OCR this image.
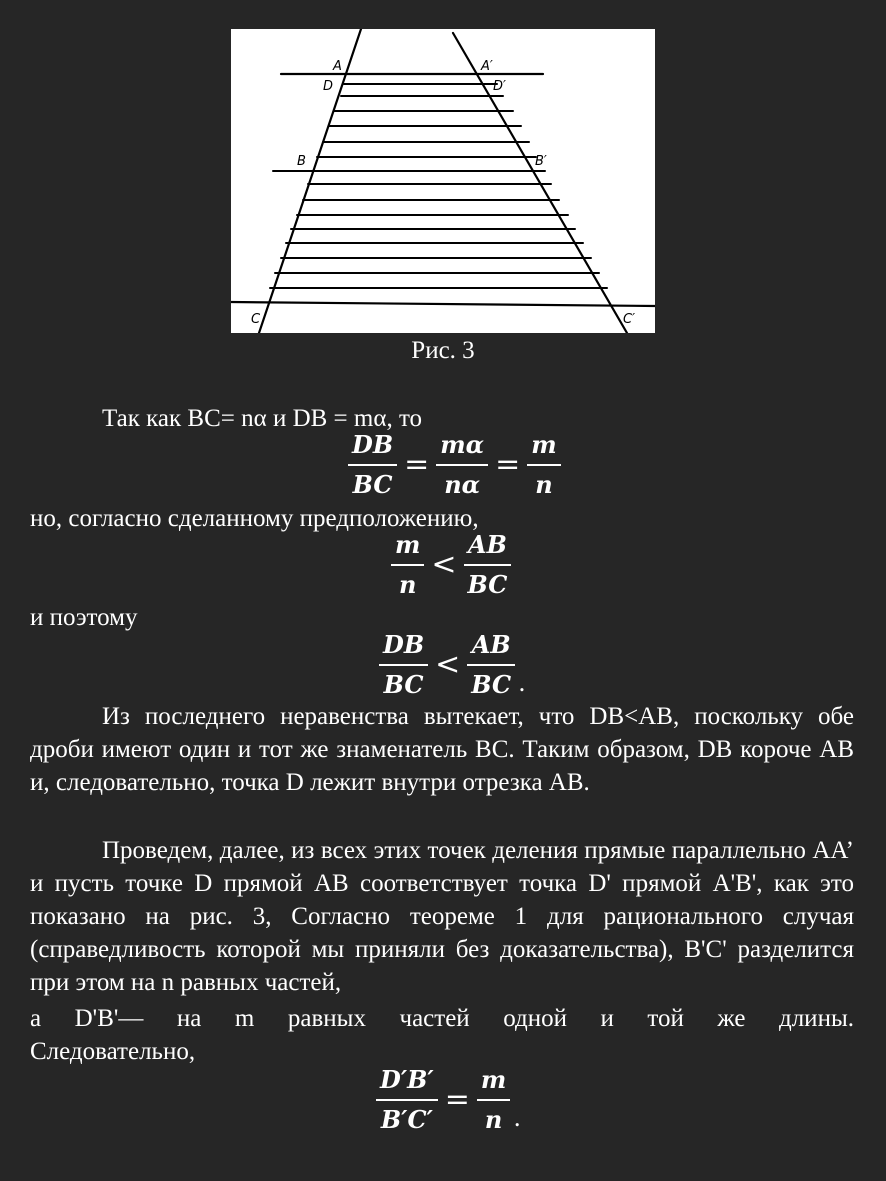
A
D
A′
D′
B	B′
C	C′
Рис. 3
Так как BC= nα и DB = mα, то
$\frac{DB}{BC} = \frac{m\alpha}{n\alpha} = \frac{m}{n}$
но, согласно сделанному предположению,
$\frac{m}{n} < \frac{AB}{BC}$
и поэтому
$\frac{DB}{BC} < \frac{AB}{BC}$ .
Из последнего неравенства вытекает, что DB<AB, поскольку обе дроби имеют один и тот же знаменатель BC. Таким образом, DB короче AB и, следовательно, точка D лежит внутри отрезка AB.
Проведем, далее, из всех этих точек деления прямые параллельно AA’ и пусть точке D прямой AB соответствует точка D' прямой A'B', как это показано на рис. 3, Согласно теореме 1 для рационального случая (справедливость которой мы приняли без доказательства), B'C' разделится при этом на n равных частей,
а D'B'— на m равных частей одной и той же длины.
Следовательно,
$\frac{D'B'}{B'C'} = \frac{m}{n}$ .
